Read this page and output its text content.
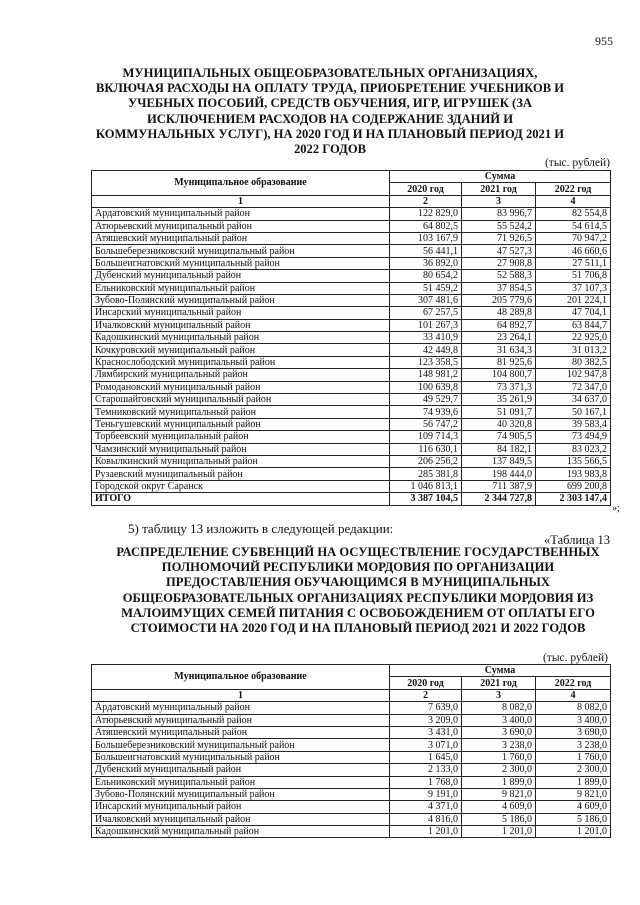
955
МУНИЦИПАЛЬНЫХ ОБЩЕОБРАЗОВАТЕЛЬНЫХ ОРГАНИЗАЦИЯХ, ВКЛЮЧАЯ РАСХОДЫ НА ОПЛАТУ ТРУДА, ПРИОБРЕТЕНИЕ УЧЕБНИКОВ И УЧЕБНЫХ ПОСОБИЙ, СРЕДСТВ ОБУЧЕНИЯ, ИГР, ИГРУШЕК (ЗА ИСКЛЮЧЕНИЕМ РАСХОДОВ НА СОДЕРЖАНИЕ ЗДАНИЙ И КОММУНАЛЬНЫХ УСЛУГ), НА 2020 ГОД И НА ПЛАНОВЫЙ ПЕРИОД 2021 И 2022 ГОДОВ
(тыс. рублей)
Муниципальное образование	Сумма		
	2020 год	2021 год	2022 год
1	2	3	4
Ардатовский муниципальный район	122 829,0	83 996,7	82 554,8
Атюрьевский муниципальный район	64 802,5	55 524,2	54 614,5
Атяшевский муниципальный район	103 167,9	71 926,5	70 947,2
Большеберезниковский муниципальный район	56 441,1	47 527,3	46 660,6
Большеигнатовский муниципальный район	36 892,0	27 908,8	27 511,1
Дубенский муниципальный район	80 654,2	52 588,3	51 706,8
Ельниковский муниципальный район	51 459,2	37 854,5	37 107,3
Зубово-Полянский муниципальный район	307 481,6	205 779,6	201 224,1
Инсарский муниципальный район	67 257,5	48 289,8	47 704,1
Ичалковский муниципальный район	101 267,3	64 892,7	63 844,7
Кадошкинский муниципальный район	33 410,9	23 264,1	22 925,0
Кочкуровский муниципальный район	42 449,8	31 634,3	31 013,2
Краснослободский муниципальный район	123 358,5	81 925,6	80 382,5
Лямбирский муниципальный район	148 981,2	104 800,7	102 947,8
Ромодановский муниципальный район	100 639,8	73 371,3	72 347,0
Старошайговский муниципальный район	49 529,7	35 261,9	34 637,0
Темниковский муниципальный район	74 939,6	51 091,7	50 167,1
Теньгушевский муниципальный район	56 747,2	40 320,8	39 583,4
Торбеевский муниципальный район	109 714,3	74 905,5	73 494,9
Чамзинский муниципальный район	116 630,1	84 182,1	83 023,2
Ковылкинский муниципальный район	206 256,2	137 849,5	135 566,5
Рузаевский муниципальный район	285 381,8	198 444,0	193 983,8
Городской округ Саранск	1 046 813,1	711 387,9	699 200,8
ИТОГО	3 387 104,5	2 344 727,8	2 303 147,4
»;
5) таблицу 13 изложить в следующей редакции:
«Таблица 13
РАСПРЕДЕЛЕНИЕ СУБВЕНЦИЙ НА ОСУЩЕСТВЛЕНИЕ ГОСУДАРСТВЕННЫХ ПОЛНОМОЧИЙ РЕСПУБЛИКИ МОРДОВИЯ ПО ОРГАНИЗАЦИИ ПРЕДОСТАВЛЕНИЯ ОБУЧАЮЩИМСЯ В МУНИЦИПАЛЬНЫХ ОБЩЕОБРАЗОВАТЕЛЬНЫХ ОРГАНИЗАЦИЯХ РЕСПУБЛИКИ МОРДОВИЯ ИЗ МАЛОИМУЩИХ СЕМЕЙ ПИТАНИЯ С ОСВОБОЖДЕНИЕМ ОТ ОПЛАТЫ ЕГО СТОИМОСТИ НА 2020 ГОД И НА ПЛАНОВЫЙ ПЕРИОД 2021 И 2022 ГОДОВ
(тыс. рублей)
Муниципальное образование	Сумма		
	2020 год	2021 год	2022 год
1	2	3	4
Ардатовский муниципальный район	7 639,0	8 082,0	8 082,0
Атюрьевский муниципальный район	3 209,0	3 400,0	3 400,0
Атяшевский муниципальный район	3 431,0	3 690,0	3 690,0
Большеберезниковский муниципальный район	3 071,0	3 238,0	3 238,0
Большеигнатовский муниципальный район	1 645,0	1 760,0	1 760,0
Дубенский муниципальный район	2 133,0	2 300,0	2 300,0
Ельниковский муниципальный район	1 768,0	1 899,0	1 899,0
Зубово-Полянский муниципальный район	9 191,0	9 821,0	9 821,0
Инсарский муниципальный район	4 371,0	4 609,0	4 609,0
Ичалковский муниципальный район	4 816,0	5 186,0	5 186,0
Кадошкинский муниципальный район	1 201,0	1 201,0	1 201,0
